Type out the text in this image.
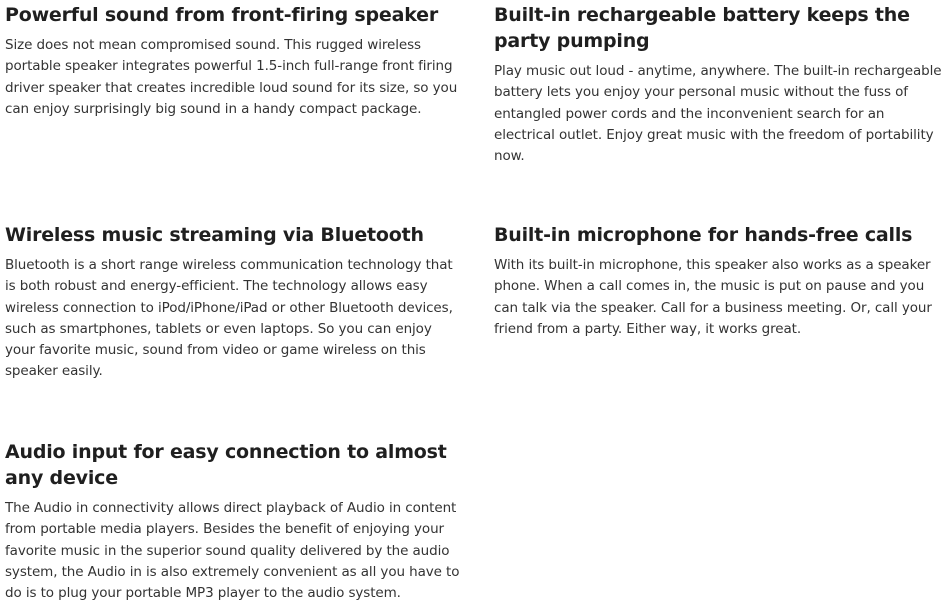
Powerful sound from front-firing speaker

Size does not mean compromised sound. This rugged wireless portable speaker integrates powerful 1.5-inch full-range front firing driver speaker that creates incredible loud sound for its size, so you can enjoy surprisingly big sound in a handy compact package.

Built-in rechargeable battery keeps the party pumping

Play music out loud - anytime, anywhere. The built-in rechargeable battery lets you enjoy your personal music without the fuss of entangled power cords and the inconvenient search for an electrical outlet. Enjoy great music with the freedom of portability now.

Wireless music streaming via Bluetooth

Bluetooth is a short range wireless communication technology that is both robust and energy-efficient. The technology allows easy wireless connection to iPod/iPhone/iPad or other Bluetooth devices, such as smartphones, tablets or even laptops. So you can enjoy your favorite music, sound from video or game wireless on this speaker easily.

Built-in microphone for hands-free calls

With its built-in microphone, this speaker also works as a speaker phone. When a call comes in, the music is put on pause and you can talk via the speaker. Call for a business meeting. Or, call your friend from a party. Either way, it works great.

Audio input for easy connection to almost any device

The Audio in connectivity allows direct playback of Audio in content from portable media players. Besides the benefit of enjoying your favorite music in the superior sound quality delivered by the audio system, the Audio in is also extremely convenient as all you have to do is to plug your portable MP3 player to the audio system.
